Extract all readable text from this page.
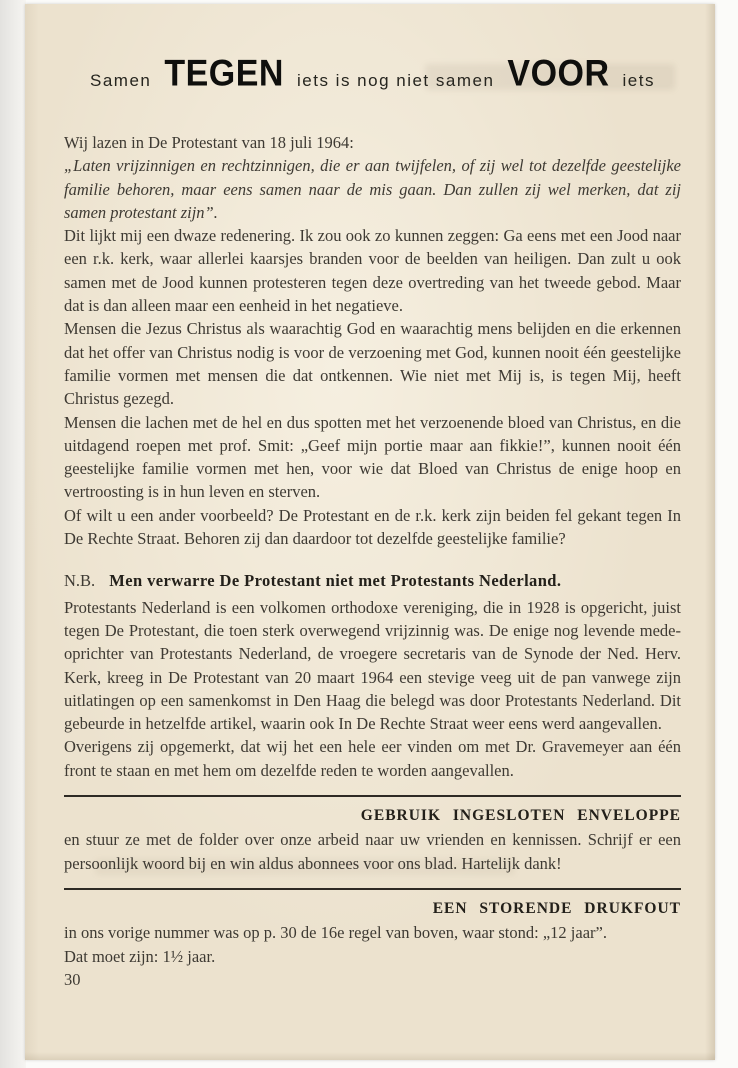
Samen TEGEN iets is nog niet samen VOOR iets

Wij lazen in De Protestant van 18 juli 1964:

„Laten vrijzinnigen en rechtzinnigen, die er aan twijfelen, of zij wel tot dezelfde geestelijke familie behoren, maar eens samen naar de mis gaan. Dan zullen zij wel merken, dat zij samen protestant zijn”.

Dit lijkt mij een dwaze redenering. Ik zou ook zo kunnen zeggen: Ga eens met een Jood naar een r.k. kerk, waar allerlei kaarsjes branden voor de beelden van heiligen. Dan zult u ook samen met de Jood kunnen protesteren tegen deze overtreding van het tweede gebod. Maar dat is dan alleen maar een eenheid in het negatieve.

Mensen die Jezus Christus als waarachtig God en waarachtig mens belijden en die erkennen dat het offer van Christus nodig is voor de verzoening met God, kunnen nooit één geestelijke familie vormen met mensen die dat ontkennen. Wie niet met Mij is, is tegen Mij, heeft Christus gezegd.

Mensen die lachen met de hel en dus spotten met het verzoenende bloed van Christus, en die uitdagend roepen met prof. Smit: „Geef mijn portie maar aan fikkie!”, kunnen nooit één geestelijke familie vormen met hen, voor wie dat Bloed van Christus de enige hoop en vertroosting is in hun leven en sterven.

Of wilt u een ander voorbeeld? De Protestant en de r.k. kerk zijn beiden fel gekant tegen In De Rechte Straat. Behoren zij dan daardoor tot dezelfde geestelijke familie?

N.B. Men verwarre De Protestant niet met Protestants Nederland.

Protestants Nederland is een volkomen orthodoxe vereniging, die in 1928 is opgericht, juist tegen De Protestant, die toen sterk overwegend vrijzinnig was. De enige nog levende mede-oprichter van Protestants Nederland, de vroegere secretaris van de Synode der Ned. Herv. Kerk, kreeg in De Protestant van 20 maart 1964 een stevige veeg uit de pan vanwege zijn uitlatingen op een samenkomst in Den Haag die belegd was door Protestants Nederland. Dit gebeurde in hetzelfde artikel, waarin ook In De Rechte Straat weer eens werd aangevallen.

Overigens zij opgemerkt, dat wij het een hele eer vinden om met Dr. Gravemeyer aan één front te staan en met hem om dezelfde reden te worden aangevallen.

GEBRUIK INGESLOTEN ENVELOPPE

en stuur ze met de folder over onze arbeid naar uw vrienden en kennissen. Schrijf er een persoonlijk woord bij en win aldus abonnees voor ons blad. Hartelijk dank!

EEN STORENDE DRUKFOUT

in ons vorige nummer was op p. 30 de 16e regel van boven, waar stond: „12 jaar”.

Dat moet zijn: 1½ jaar.

30
